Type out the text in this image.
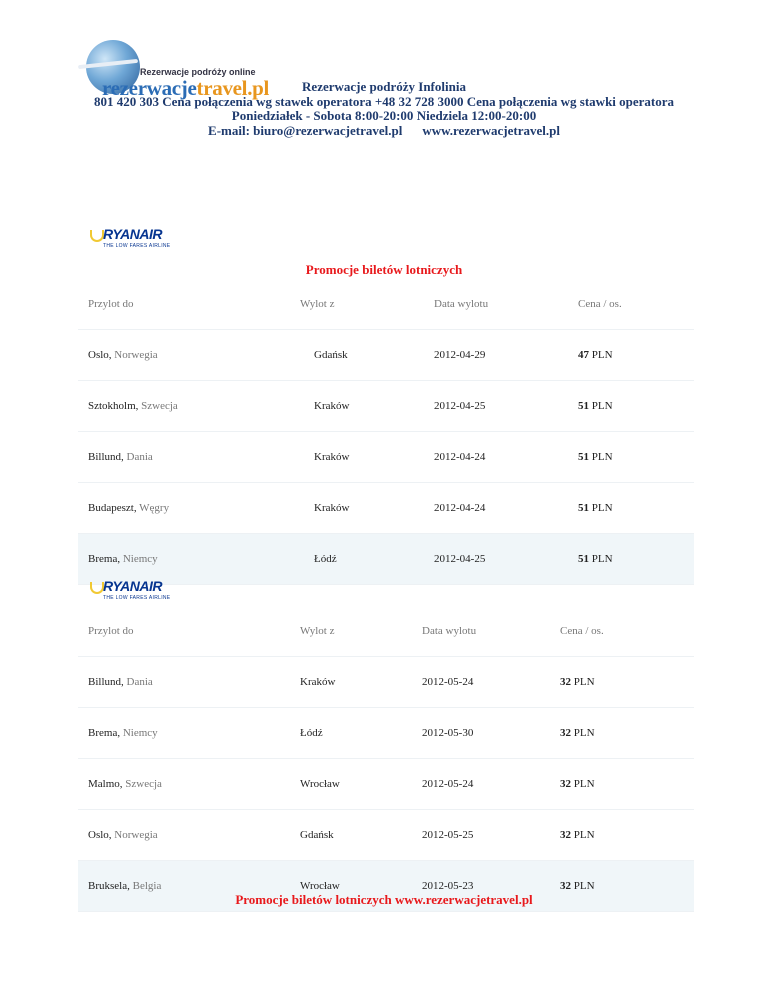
Rezerwacje podróży online
rezerwacjetravel.pl	Rezerwacje podróży Infolinia
801 420 303 Cena połączenia wg stawek operatora +48 32 728 3000 Cena połączenia wg stawki operatora
Poniedziałek - Sobota 8:00-20:00 Niedziela 12:00-20:00
E-mail: biuro@rezerwacjetravel.pl www.rezerwacjetravel.pl
RYANAIR
THE LOW FARES AIRLINE
Promocje biletów lotniczych
Przylot do	Wylot z	Data wylotu	Cena / os.
Oslo, Norwegia	Gdańsk	2012-04-29	47 PLN
Sztokholm, Szwecja	Kraków	2012-04-25	51 PLN
Billund, Dania	Kraków	2012-04-24	51 PLN
Budapeszt, Węgry	Kraków	2012-04-24	51 PLN
Brema, Niemcy	Łódź	2012-04-25	51 PLN
RYANAIR
THE LOW FARES AIRLINE
Przylot do	Wylot z	Data wylotu	Cena / os.
Billund, Dania	Kraków	2012-05-24	32 PLN
Brema, Niemcy	Łódź	2012-05-30	32 PLN
Malmo, Szwecja	Wrocław	2012-05-24	32 PLN
Oslo, Norwegia	Gdańsk	2012-05-25	32 PLN
Bruksela, Belgia	Wrocław	2012-05-23	32 PLN
Promocje biletów lotniczych www.rezerwacjetravel.pl
